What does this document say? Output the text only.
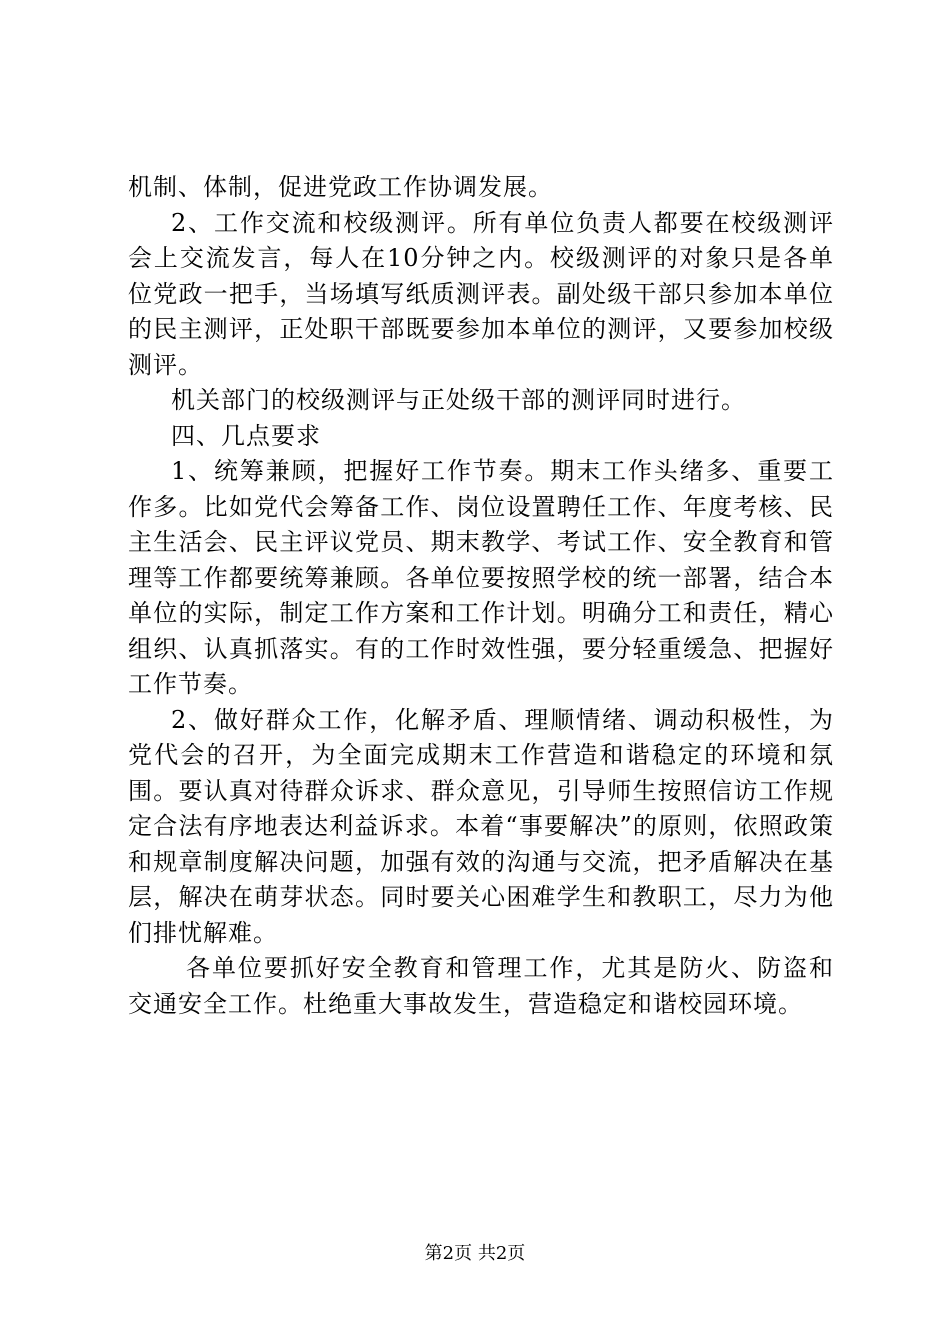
机制、体制，促进党政工作协调发展。

2、工作交流和校级测评。所有单位负责人都要在校级测评会上交流发言，每人在10分钟之内。校级测评的对象只是各单位党政一把手，当场填写纸质测评表。副处级干部只参加本单位的民主测评，正处职干部既要参加本单位的测评，又要参加校级测评。

机关部门的校级测评与正处级干部的测评同时进行。

四、几点要求

1、统筹兼顾，把握好工作节奏。期末工作头绪多、重要工作多。比如党代会筹备工作、岗位设置聘任工作、年度考核、民主生活会、民主评议党员、期末教学、考试工作、安全教育和管理等工作都要统筹兼顾。各单位要按照学校的统一部署，结合本单位的实际，制定工作方案和工作计划。明确分工和责任，精心组织、认真抓落实。有的工作时效性强，要分轻重缓急、把握好工作节奏。

2、做好群众工作，化解矛盾、理顺情绪、调动积极性，为党代会的召开，为全面完成期末工作营造和谐稳定的环境和氛围。要认真对待群众诉求、群众意见，引导师生按照信访工作规定合法有序地表达利益诉求。本着“事要解决”的原则，依照政策和规章制度解决问题，加强有效的沟通与交流，把矛盾解决在基层，解决在萌芽状态。同时要关心困难学生和教职工，尽力为他们排忧解难。

各单位要抓好安全教育和管理工作，尤其是防火、防盗和交通安全工作。杜绝重大事故发生，营造稳定和谐校园环境。

第2页 共2页
